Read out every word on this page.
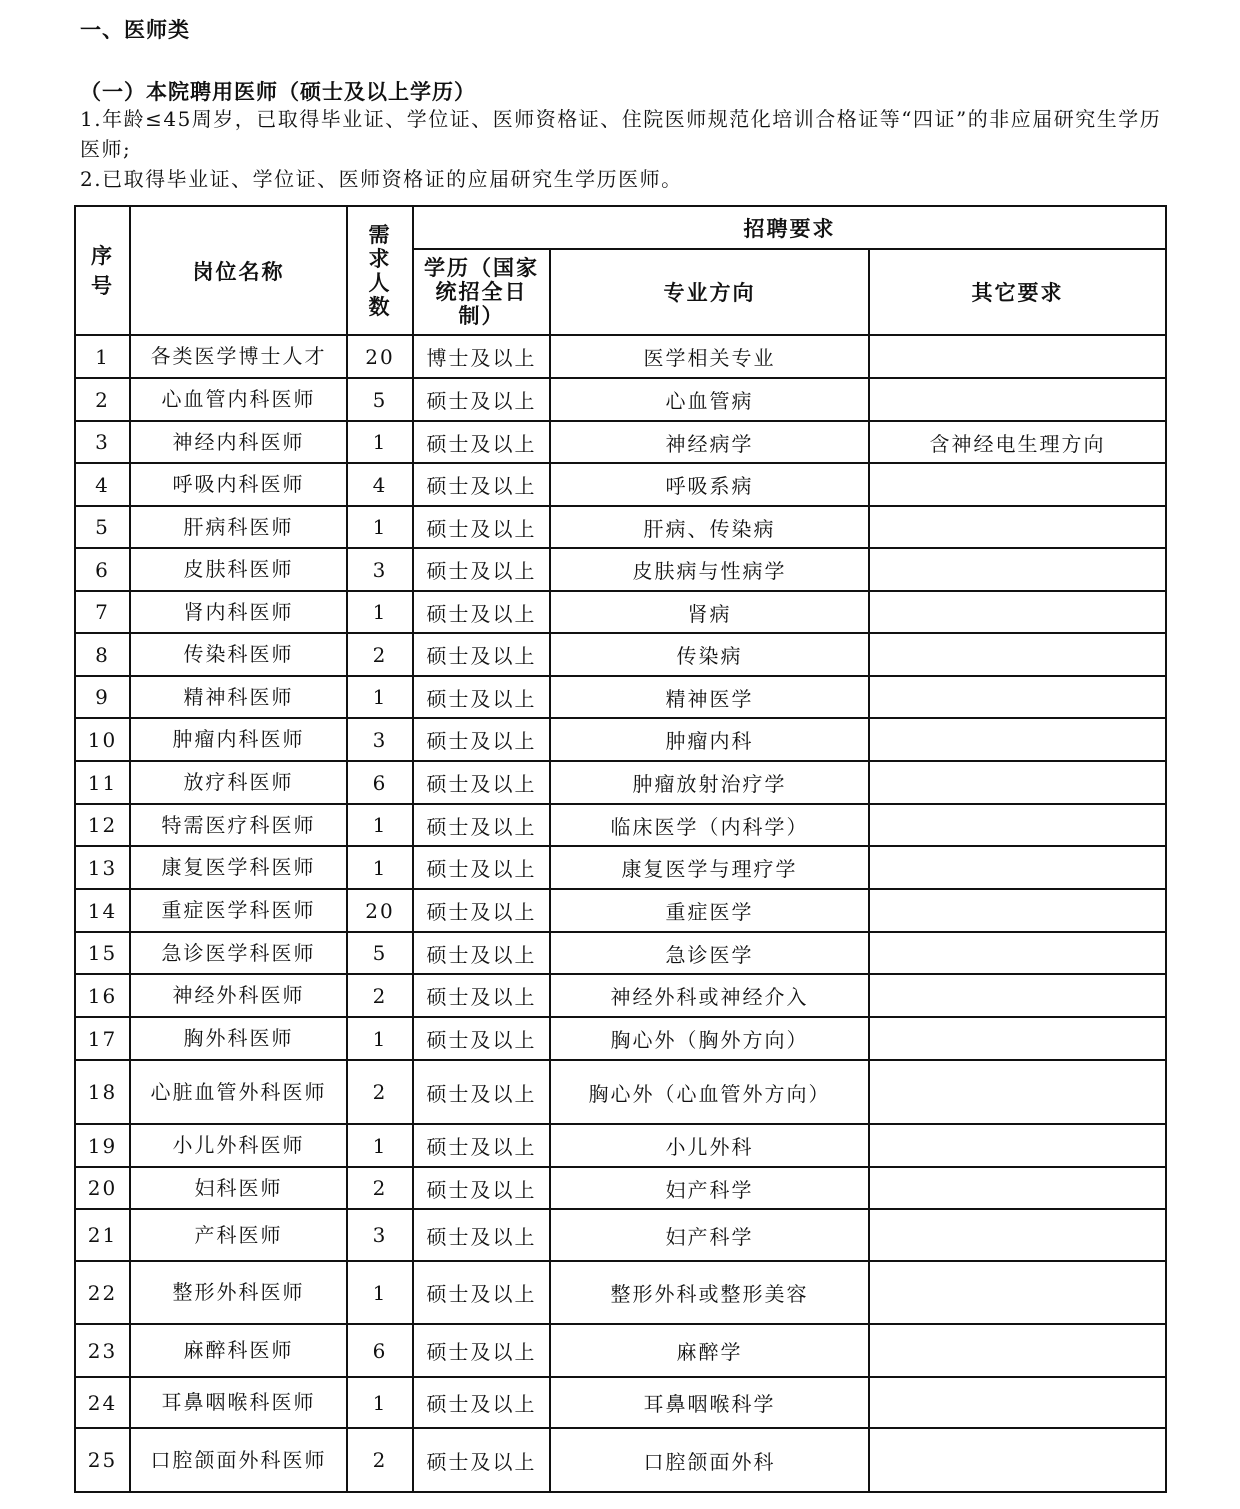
一、医师类
（一）本院聘用医师（硕士及以上学历）
1.年龄≤45周岁，已取得毕业证、学位证、医师资格证、住院医师规范化培训合格证等“四证”的非应届研究生学历医师;
2.已取得毕业证、学位证、医师资格证的应届研究生学历医师。
序号	岗位名称	需求人数	招聘要求		
			学历（国家统招全日制）	专业方向	其它要求
1	各类医学博士人才	20	博士及以上	医学相关专业	
2	心血管内科医师	5	硕士及以上	心血管病	
3	神经内科医师	1	硕士及以上	神经病学	含神经电生理方向
4	呼吸内科医师	4	硕士及以上	呼吸系病	
5	肝病科医师	1	硕士及以上	肝病、传染病	
6	皮肤科医师	3	硕士及以上	皮肤病与性病学	
7	肾内科医师	1	硕士及以上	肾病	
8	传染科医师	2	硕士及以上	传染病	
9	精神科医师	1	硕士及以上	精神医学	
10	肿瘤内科医师	3	硕士及以上	肿瘤内科	
11	放疗科医师	6	硕士及以上	肿瘤放射治疗学	
12	特需医疗科医师	1	硕士及以上	临床医学（内科学）	
13	康复医学科医师	1	硕士及以上	康复医学与理疗学	
14	重症医学科医师	20	硕士及以上	重症医学	
15	急诊医学科医师	5	硕士及以上	急诊医学	
16	神经外科医师	2	硕士及以上	神经外科或神经介入	
17	胸外科医师	1	硕士及以上	胸心外（胸外方向）	
18	心脏血管外科医师	2	硕士及以上	胸心外（心血管外方向）	
19	小儿外科医师	1	硕士及以上	小儿外科	
20	妇科医师	2	硕士及以上	妇产科学	
21	产科医师	3	硕士及以上	妇产科学	
22	整形外科医师	1	硕士及以上	整形外科或整形美容	
23	麻醉科医师	6	硕士及以上	麻醉学	
24	耳鼻咽喉科医师	1	硕士及以上	耳鼻咽喉科学	
25	口腔颌面外科医师	2	硕士及以上	口腔颌面外科	
